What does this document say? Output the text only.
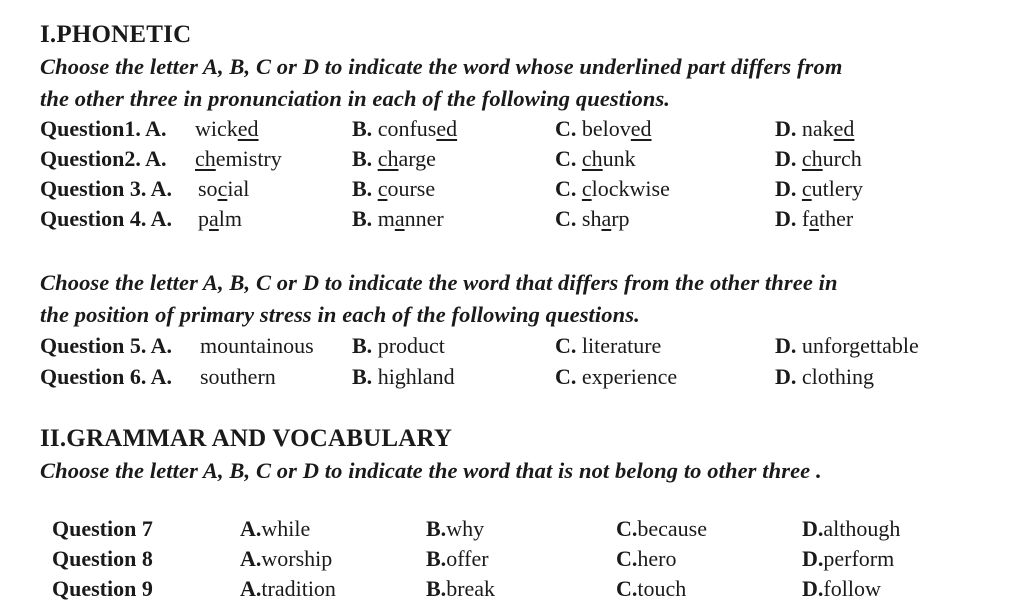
I.PHONETIC
Choose the letter A, B, C or D to indicate the word whose underlined part differs from
the other three in pronunciation in each of the following questions.
Question1. A. wicked	B. confused	C. beloved	D. naked
Question2. A. chemistry	B. charge	C. chunk	D. church
Question 3. A. social	B. course	C. clockwise	D. cutlery
Question 4. A. palm	B. manner	C. sharp	D. father
Question 5. A. mountainous B. product	C. literature	D. unforgettable
Question 6. A. southern	B. highland	C. experience	D. clothing
Choose the letter A, B, C or D to indicate the word that differs from the other three in
the position of primary stress in each of the following questions.
II.GRAMMAR AND VOCABULARY
Choose the letter A, B, C or D to indicate the word that is not belong to other three .
Question 7	A.while	B.why	C.because	D.although
Question 8	A.worship	B.offer	C.hero	D.perform
Question 9	A.tradition	B.break	C.touch	D.follow
